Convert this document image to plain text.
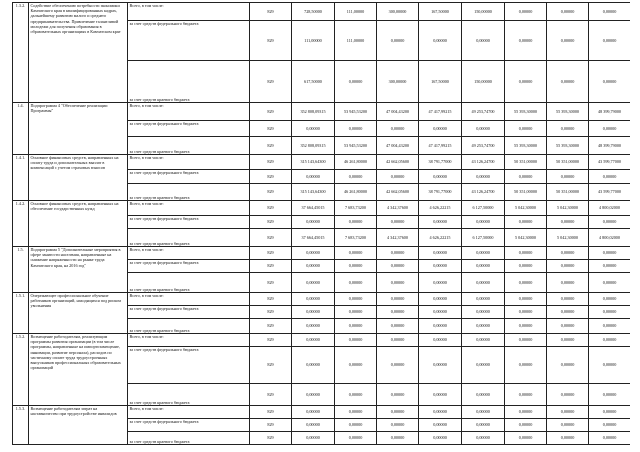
1.3.2.	Содействие обеспечению потребности экономики Камчатского края в квалифицированных кадрах, дальнейшему развитию малого и среднего предпринимательства. Привлечение талантливой молодежи для получения образования в образовательных организациях в Камчатском крае	Всего, в том числе:	829	728,50000	111,00000	300,00000	167,50000	150,00000	0,00000	0,00000	0,00000
		за счет средств федерального бюджета	829	111,00000	111,00000	0,00000	0,00000	0,00000	0,00000	0,00000	0,00000
		за счет средств краевого бюджета	829	617,50000	0,00000	300,00000	167,50000	150,00000	0,00000	0,00000	0,00000
1.4.	Подпрограмма 4 "Обеспечение реализации Программы"	Всего, в том числе:	829	352 808,09315	53 945,53200	47 004,43200	47 417,99215	49 253,74700	55 393,30000	55 393,30000	48 399,79000
		за счет средств федерального бюджета	829	0,00000	0,00000	0,00000	0,00000	0,00000	0,00000	0,00000	0,00000
		за счет средств краевого бюджета	829	352 808,09315	53 945,53200	47 004,43200	47 417,99215	49 253,74700	55 393,30000	55 393,30000	48 399,79000
1.4.1.	Основное финансовых средств, направленных на оплату труда и дополнительных выплат в компенсаций с учетом страховых взносов	Всего, в том числе:	829	315 143,64300	46 261,80000	42 662,05600	38 791,77000	43 126,24700	50 351,00000	50 351,00000	43 599,77000
		за счет средств федерального бюджета	829	0,00000	0,00000	0,00000	0,00000	0,00000	0,00000	0,00000	0,00000
		за счет средств краевого бюджета	829	315 143,64300	46 261,80000	42 662,05600	38 791,77000	43 126,24700	50 351,00000	50 351,00000	43 599,77000
1.4.2.	Основное финансовых средств, направленных на обеспечение государственных нужд	Всего, в том числе:	829	37 664,45015	7 683,73200	4 342,37600	4 626,22215	6 127,50000	5 042,30000	5 042,30000	4 800,02000
		за счет средств федерального бюджета	829	0,00000	0,00000	0,00000	0,00000	0,00000	0,00000	0,00000	0,00000
		за счет средств краевого бюджета	829	37 664,45015	7 683,73200	4 342,37600	4 626,22215	6 127,50000	5 042,30000	5 042,30000	4 800,02000
1.5.	Подпрограмма 5 "Дополнительные мероприятия в сфере занятости населения, направленные на снижение напряженности на рынке труда Камчатского края, на 2016 год"	Всего, в том числе:	829	0,00000	0,00000	0,00000	0,00000	0,00000	0,00000	0,00000	0,00000
		за счет средств федерального бюджета	829	0,00000	0,00000	0,00000	0,00000	0,00000	0,00000	0,00000	0,00000
		за счет средств краевого бюджета	829	0,00000	0,00000	0,00000	0,00000	0,00000	0,00000	0,00000	0,00000
1.5.1.	Опережающее профессиональное обучение работников организаций, находящихся под риском увольнения	Всего, в том числе:	829	0,00000	0,00000	0,00000	0,00000	0,00000	0,00000	0,00000	0,00000
		за счет средств федерального бюджета	829	0,00000	0,00000	0,00000	0,00000	0,00000	0,00000	0,00000	0,00000
		за счет средств краевого бюджета	829	0,00000	0,00000	0,00000	0,00000	0,00000	0,00000	0,00000	0,00000
1.5.2.	Возмещение работодателям, реализующим программы развития организации (в том числе программы, направленные на импортозамещение, инновации, развитие персонала), расходов по частичному оплате труда трудоустроенных выпускников профессиональных образовательных организаций	Всего, в том числе:	829	0,00000	0,00000	0,00000	0,00000	0,00000	0,00000	0,00000	0,00000
		за счет средств федерального бюджета	829	0,00000	0,00000	0,00000	0,00000	0,00000	0,00000	0,00000	0,00000
		за счет средств краевого бюджета	829	0,00000	0,00000	0,00000	0,00000	0,00000	0,00000	0,00000	0,00000
1.5.3.	Возмещение работодателям затрат на наставничество при трудоустройстве инвалидов	Всего, в том числе:	829	0,00000	0,00000	0,00000	0,00000	0,00000	0,00000	0,00000	0,00000
		за счет средств федерального бюджета	829	0,00000	0,00000	0,00000	0,00000	0,00000	0,00000	0,00000	0,00000
		за счет средств краевого бюджета	829	0,00000	0,00000	0,00000	0,00000	0,00000	0,00000	0,00000	0,00000
